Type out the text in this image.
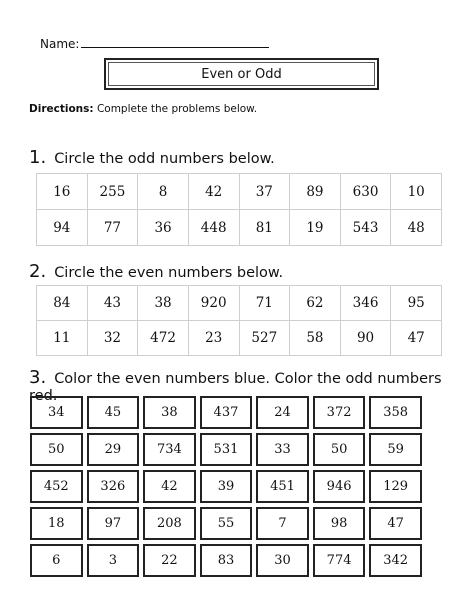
Name:
Even or Odd
Directions: Complete the problems below.
1. Circle the odd numbers below.
16	255	8	42	37	89	630	10
94	77	36	448	81	19	543	48
2. Circle the even numbers below.
84	43	38	920	71	62	346	95
11	32	472	23	527	58	90	47
3. Color the even numbers blue. Color the odd numbers red.
34	45	38	437	24	372	358
50	29	734	531	33	50	59
452	326	42	39	451	946	129
18	97	208	55	7	98	47
6	3	22	83	30	774	342
